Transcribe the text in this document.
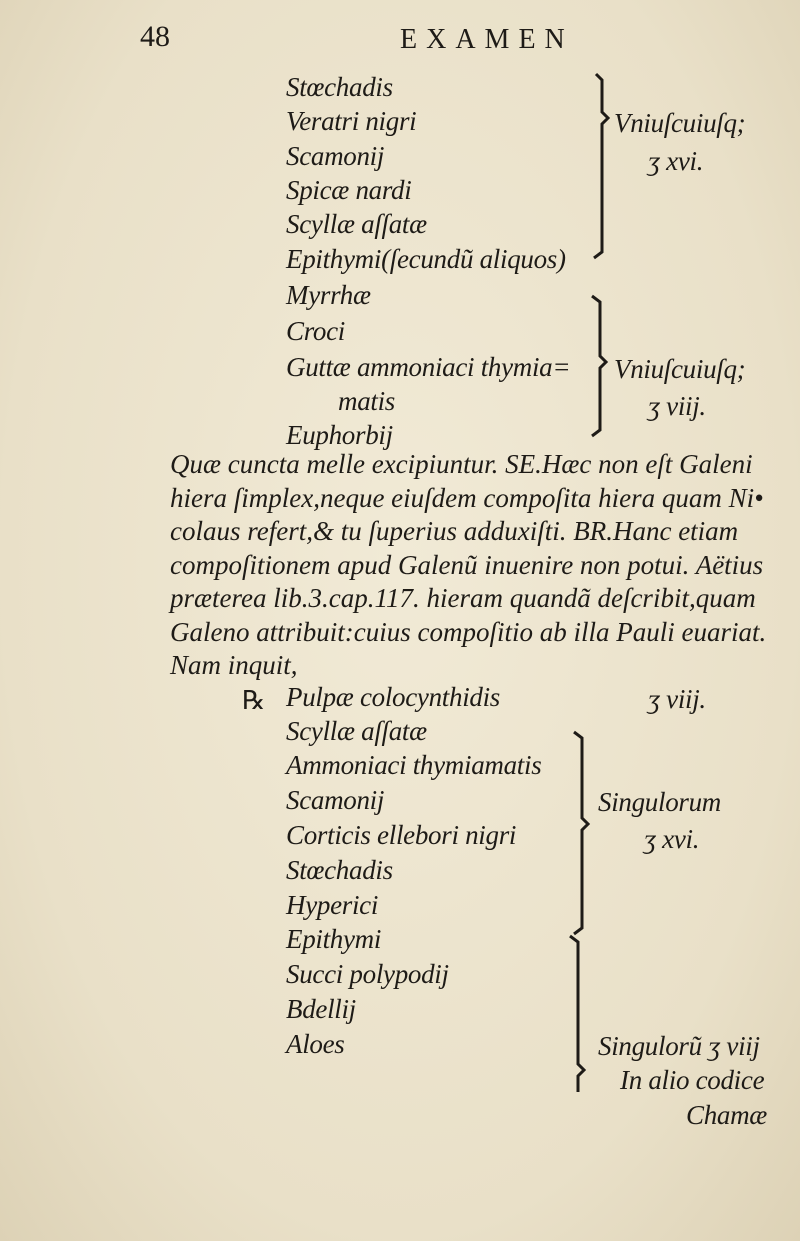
48	EXAMEN
Stœchadis
Veratri nigri
Scamonij
Spicæ nardi
Scyllæ aſſatæ
Epithymi(ſecundũ aliquos)
Vniuſcuiuſq;
ʒ xvi.
Myrrhæ
Croci
Guttæ ammoniaci thymia=
matis
Euphorbij
Vniuſcuiuſq;
ʒ viij.
Quæ cunctа melle excipiuntur. SE.Hæc non eſt Galeni
hiera ſimplex,neque eiuſdem compoſita hiera quam Ni•
colaus refert,& tu ſuperius adduxiſti. BR.Hanc etiam
compoſitionem apud Galenũ inuenire non potui. Aëtius
præterea lib.3.cap.117. hieram quandã deſcribit,quam
Galeno attribuit:cuius compoſitio ab illa Pauli euariat.
Nam inquit,
℞ Pulpæ colocynthidis	ʒ viij.
Scyllæ aſſatæ
Ammoniaci thymiamatis
Scamonij
Corticis ellebori nigri
Stœchadis
Hyperici
Singulorum
ʒ xvi.
Epithymi
Succi polypodij
Bdellij
Aloes	Singulorũ ʒ viij
In alio codice
Chamæ
